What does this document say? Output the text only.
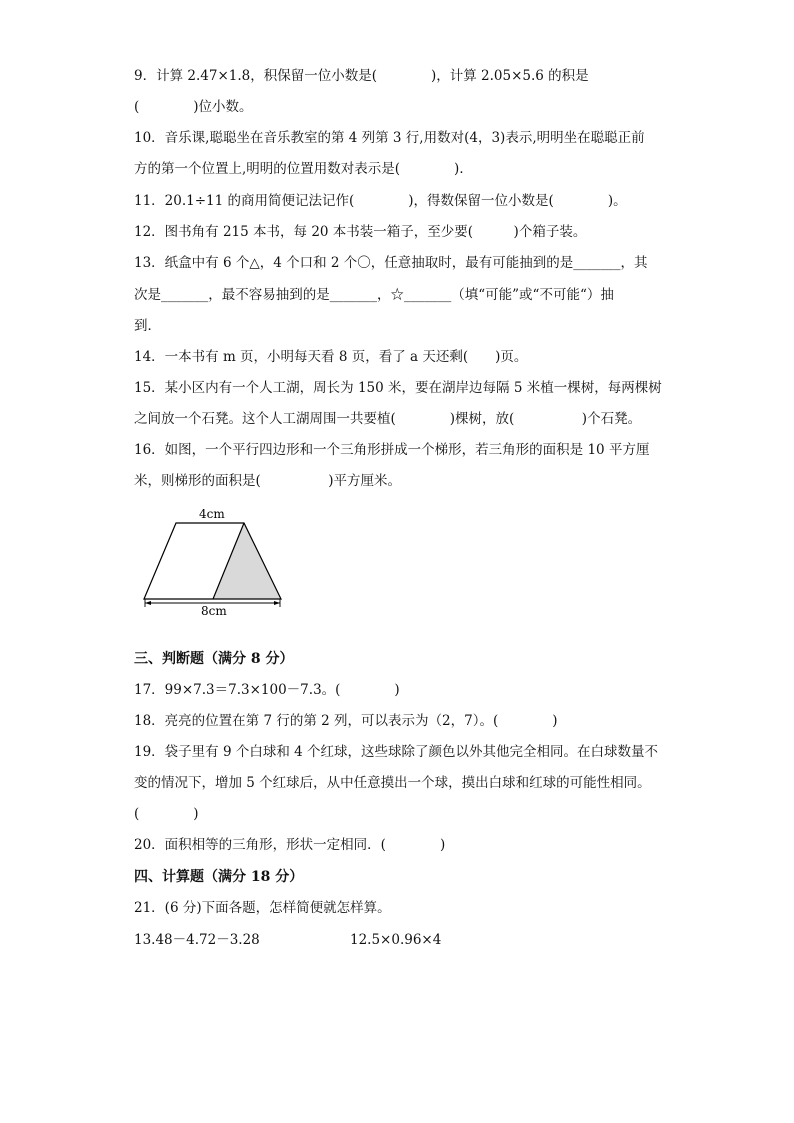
9．计算 2.47×1.8，积保留一位小数是(　　　　)，计算 2.05×5.6 的积是
(　　　　)位小数。
10．音乐课,聪聪坐在音乐教室的第 4 列第 3 行,用数对(4，3)表示,明明坐在聪聪正前
方的第一个位置上,明明的位置用数对表示是(　　　　)．
11．20.1÷11 的商用简便记法记作(　　　　)，得数保留一位小数是(　　　　)。
12．图书角有 215 本书，每 20 本书装一箱子，至少要(　　　)个箱子装。
13．纸盒中有 6 个△，4 个口和 2 个〇，任意抽取时，最有可能抽到的是_______，其
次是_______，最不容易抽到的是_______，☆_______（填“可能”或“不可能“）抽
到．
14．一本书有 m 页，小明每天看 8 页，看了 a 天还剩(　　)页。
15．某小区内有一个人工湖，周长为 150 米，要在湖岸边每隔 5 米植一棵树，每两棵树
之间放一个石凳。这个人工湖周围一共要植(　　　　)棵树，放(　　　　　)个石凳。
16．如图，一个平行四边形和一个三角形拼成一个梯形，若三角形的面积是 10 平方厘
米，则梯形的面积是(　　　　　)平方厘米。
4cm
8cm
三、判断题（满分 8 分）
17．99×7.3＝7.3×100－7.3。(　　　　)
18．亮亮的位置在第 7 行的第 2 列，可以表示为（2，7）。(　　　　)
19．袋子里有 9 个白球和 4 个红球，这些球除了颜色以外其他完全相同。在白球数量不
变的情况下，增加 5 个红球后，从中任意摸出一个球，摸出白球和红球的可能性相同。
(　　　　)
20．面积相等的三角形，形状一定相同．(　　　　)
四、计算题（满分 18 分）
21．(6 分)下面各题，怎样简便就怎样算。
13.48－4.72－3.28	12.5×0.96×4
